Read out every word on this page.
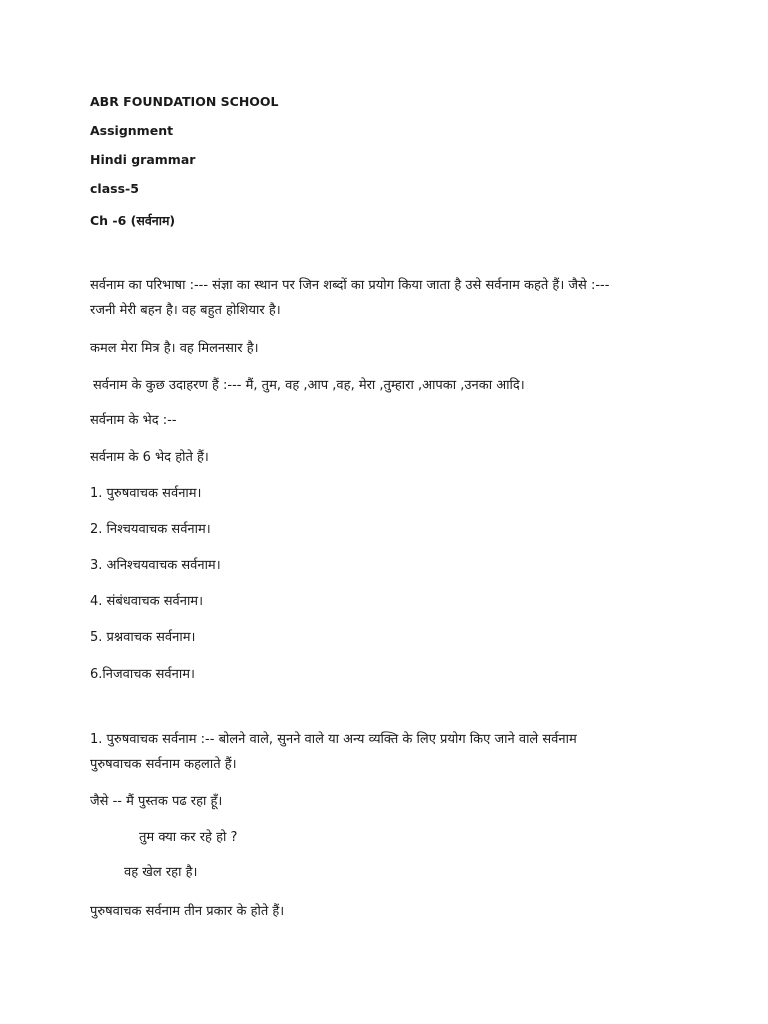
ABR FOUNDATION SCHOOL
Assignment
Hindi grammar
class-5
Ch -6 (सर्वनाम)
सर्वनाम का परिभाषा :--- संज्ञा का स्थान पर जिन शब्दों का प्रयोग किया जाता है उसे सर्वनाम कहते हैं। जैसे :---
रजनी मेरी बहन है। वह बहुत होशियार है।
कमल मेरा मित्र है। वह मिलनसार है।
सर्वनाम के कुछ उदाहरण हैं :--- मैं, तुम, वह ,आप ,वह, मेरा ,तुम्हारा ,आपका ,उनका आदि।
सर्वनाम के भेद :--
सर्वनाम के 6 भेद होते हैं।
1. पुरुषवाचक सर्वनाम।
2. निश्चयवाचक सर्वनाम।
3. अनिश्चयवाचक सर्वनाम।
4. संबंधवाचक सर्वनाम।
5. प्रश्नवाचक सर्वनाम।
6.निजवाचक सर्वनाम।
1. पुरुषवाचक सर्वनाम :-- बोलने वाले, सुनने वाले या अन्य व्यक्ति के लिए प्रयोग किए जाने वाले सर्वनाम
पुरुषवाचक सर्वनाम कहलाते हैं।
जैसे -- मैं पुस्तक पढ रहा हूँ।
तुम क्या कर रहे हो ?
वह खेल रहा है।
पुरुषवाचक सर्वनाम तीन प्रकार के होते हैं।
